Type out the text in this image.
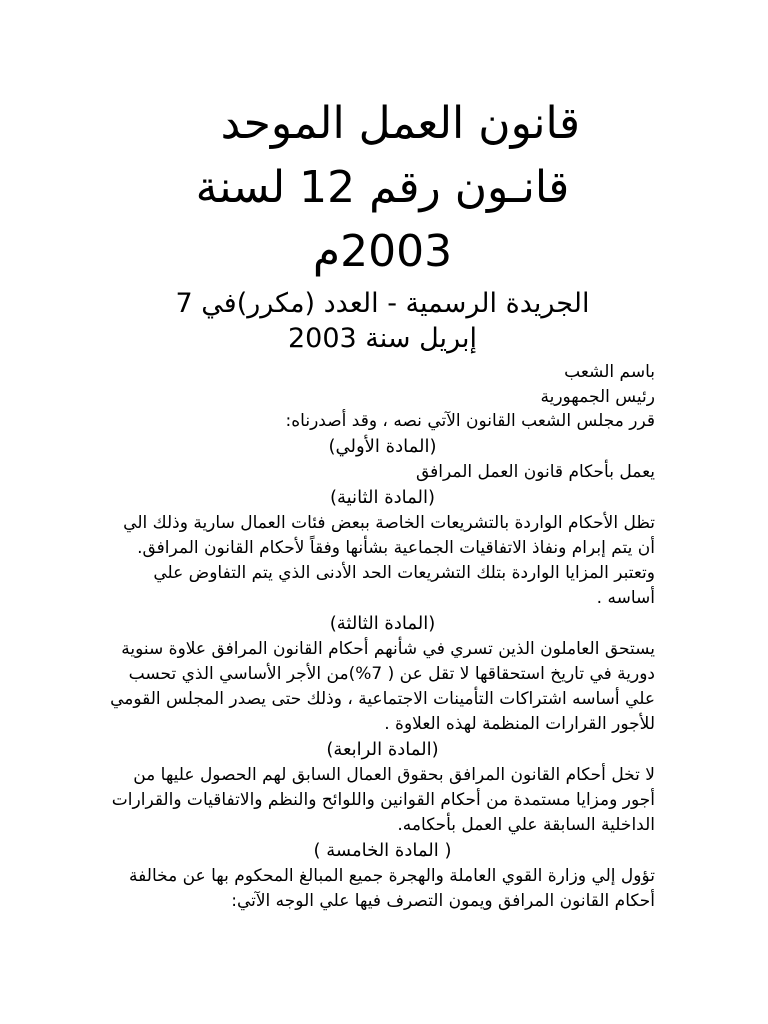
قانون العمل الموحد
قانـون رقم 12 لسنة
2003م
الجريدة الرسمية - العدد (مكرر)في 7
إبريل سنة 2003

باسم الشعب

رئيس الجمهورية

قرر مجلس الشعب القانون الآتي نصه ، وقد أصدرناه:

(المادة الأولي)

يعمل بأحكام قانون العمل المرافق

(المادة الثانية)

تظل الأحكام الواردة بالتشريعات الخاصة ببعض فئات العمال سارية وذلك الي أن يتم إبرام ونفاذ الاتفاقيات الجماعية بشأنها وفقاً لأحكام القانون المرافق.

وتعتبر المزايا الواردة بتلك التشريعات الحد الأدنى الذي يتم التفاوض علي أساسه .

(المادة الثالثة)

يستحق العاملون الذين تسري في شأنهم أحكام القانون المرافق علاوة سنوية دورية في تاريخ استحقاقها لا تقل عن ( 7%)من الأجر الأساسي الذي تحسب علي أساسه اشتراكات التأمينات الاجتماعية ، وذلك حتى يصدر المجلس القومي للأجور القرارات المنظمة لهذه العلاوة .

(المادة الرابعة)

لا تخل أحكام القانون المرافق بحقوق العمال السابق لهم الحصول عليها من أجور ومزايا مستمدة من أحكام القوانين واللوائح والنظم والاتفاقيات والقرارات الداخلية السابقة علي العمل بأحكامه.

( المادة الخامسة )

تؤول إلي وزارة القوي العاملة والهجرة جميع المبالغ المحكوم بها عن مخالفة أحكام القانون المرافق ويمون التصرف فيها علي الوجه الآتي:
